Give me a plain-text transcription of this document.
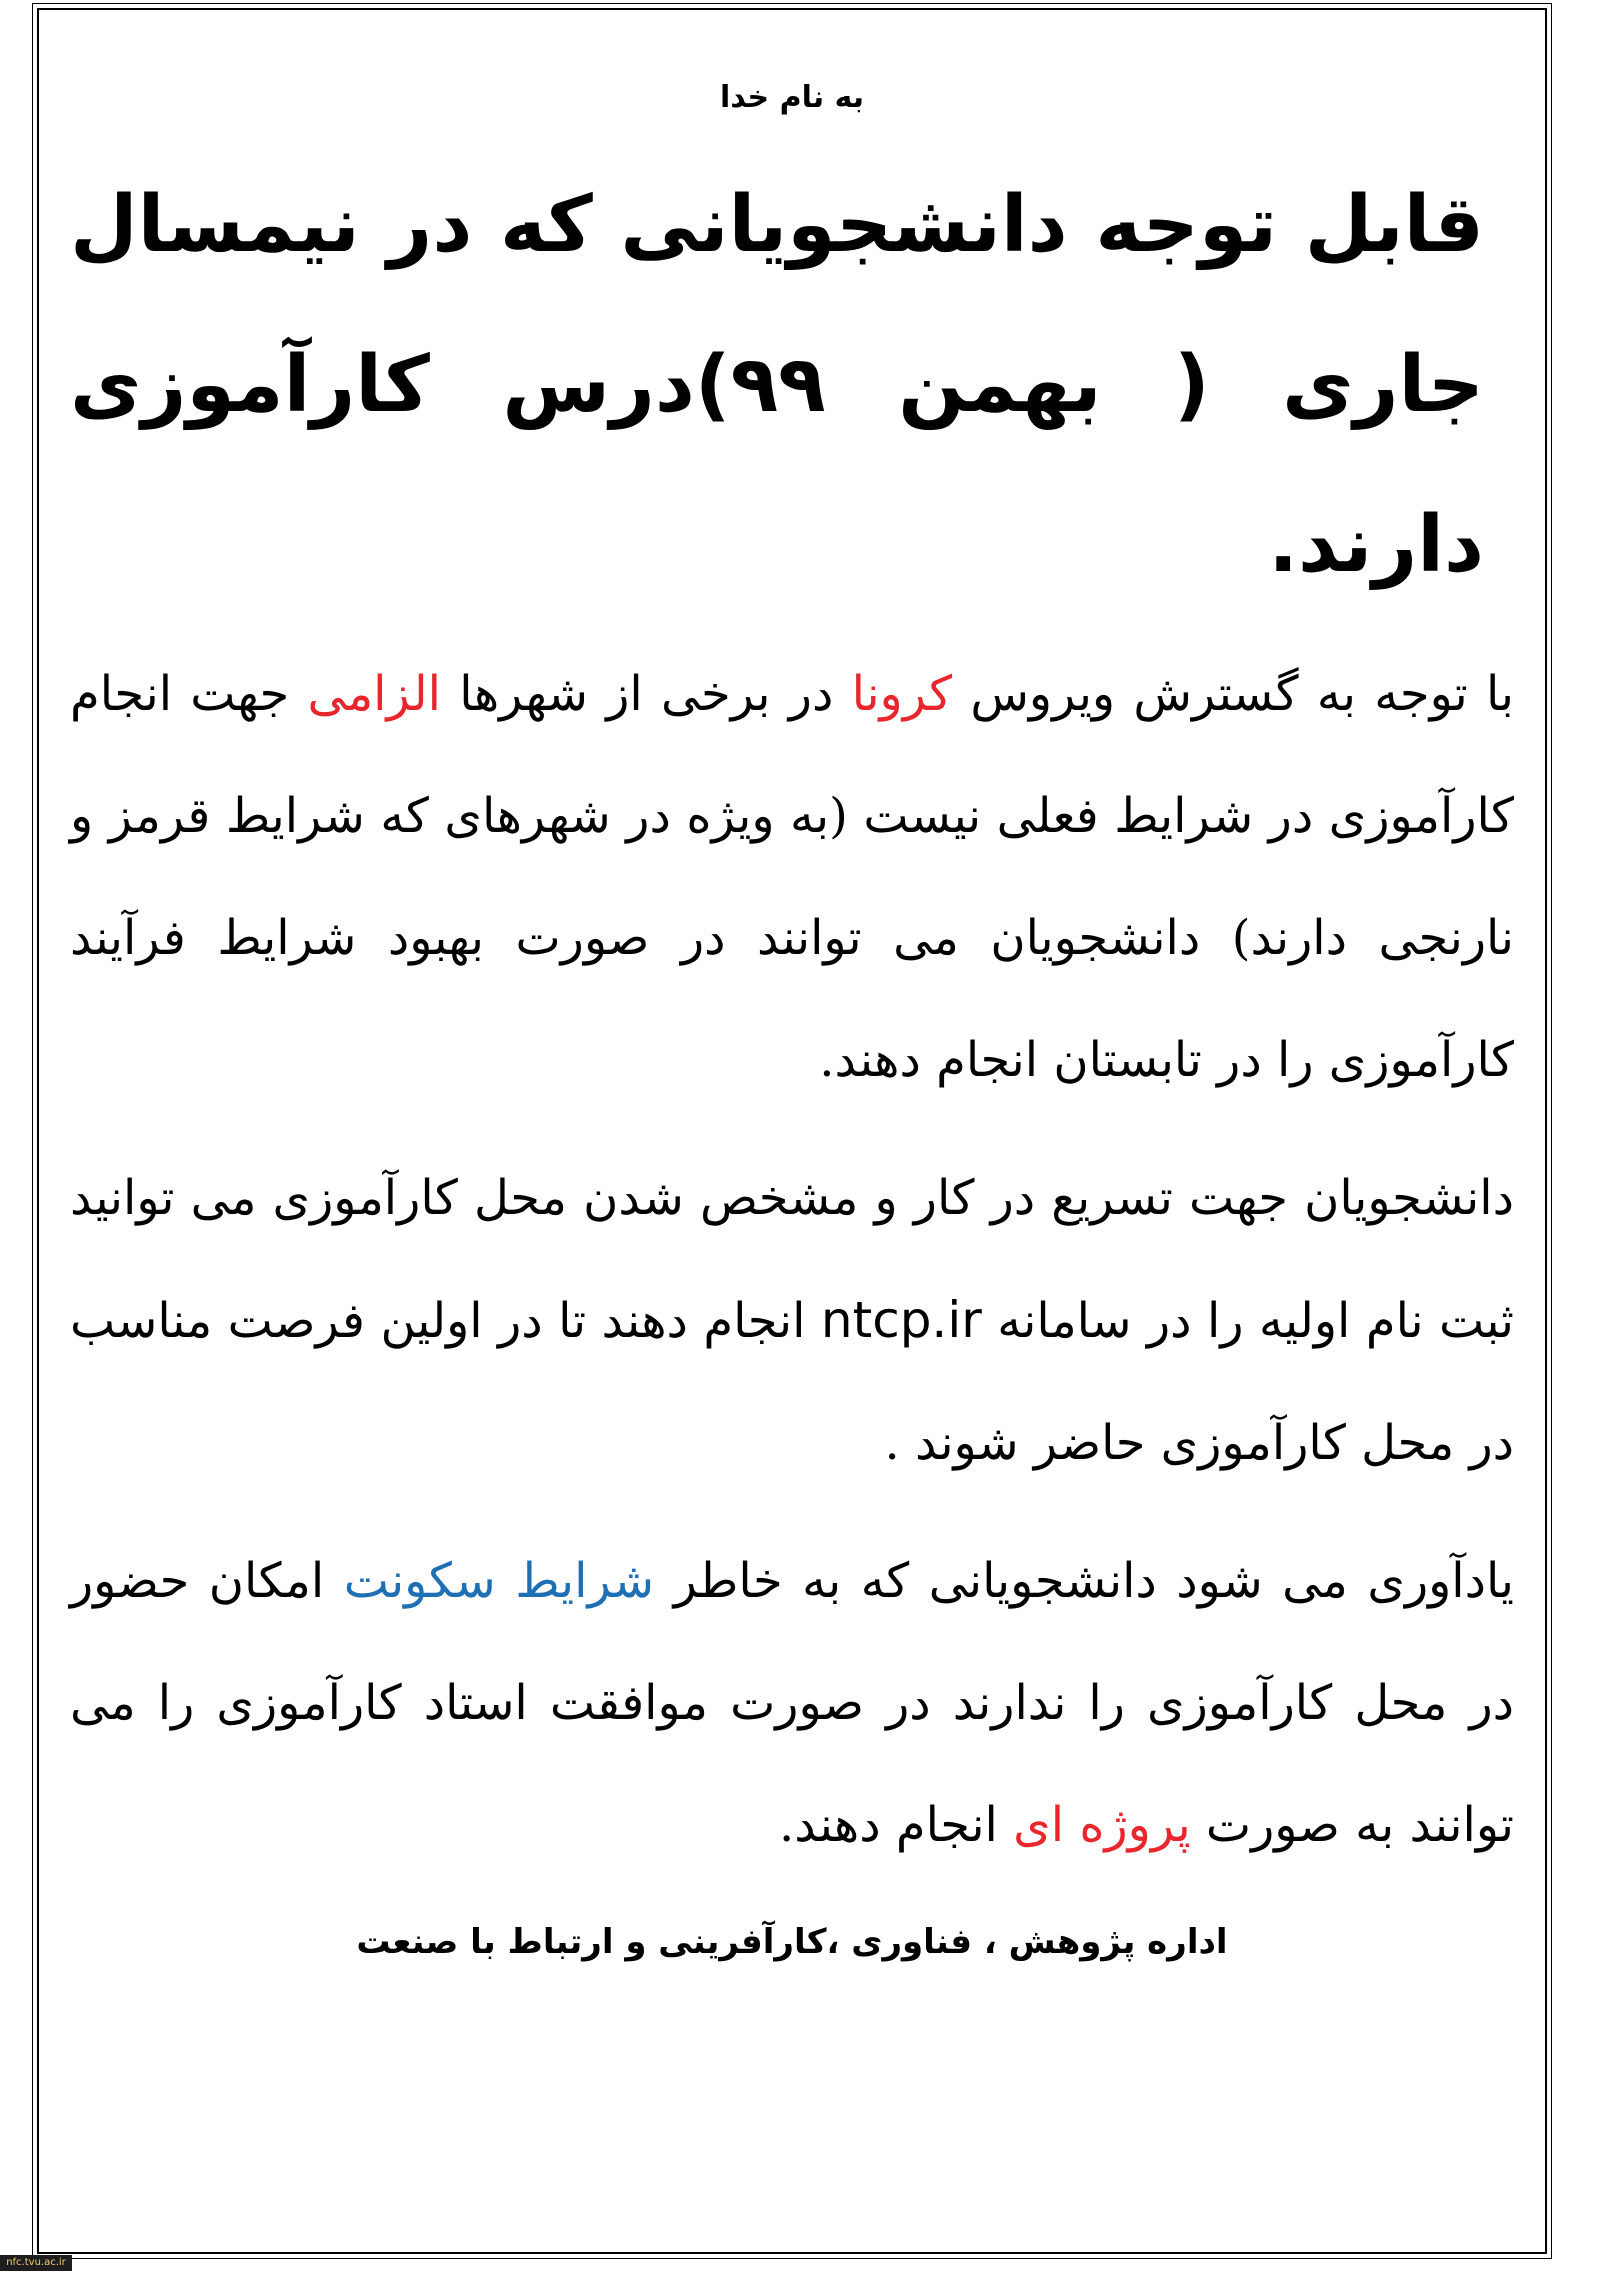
به نام خدا
قابل توجه دانشجویانی که در نیمسال جاری ( بهمن ۹۹)درس کارآموزی دارند.

با توجه به گسترش ویروس کرونا در برخی از شهرها الزامی جهت انجام کارآموزی در شرایط فعلی نیست (به ویژه در شهرهای که شرایط قرمز و نارنجی دارند) دانشجویان می توانند در صورت بهبود شرایط فرآیند کارآموزی را در تابستان انجام دهند.

دانشجویان جهت تسریع در کار و مشخص شدن محل کارآموزی می توانید ثبت نام اولیه را در سامانه ntcp.ir انجام دهند تا در اولین فرصت مناسب در محل کارآموزی حاضر شوند .

یادآوری می شود دانشجویانی که به خاطر شرایط سکونت امکان حضور در محل کارآموزی را ندارند در صورت موافقت استاد کارآموزی را می توانند به صورت پروژه ای انجام دهند.

اداره پژوهش ، فناوری ،کارآفرینی و ارتباط با صنعت
nfc.tvu.ac.ir
